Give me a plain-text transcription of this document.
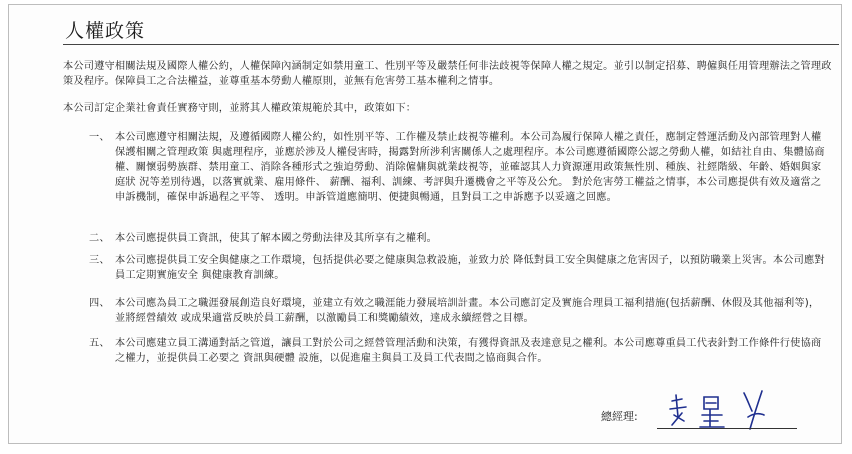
人權政策
本公司遵守相關法規及國際人權公約，人權保障內涵制定如禁用童工、性別平等及嚴禁任何非法歧視等保障人權之規定。並引以制定招募、聘僱與任用管理辦法之管理政策及程序。保障員工之合法權益，並尊重基本勞動人權原則，並無有危害勞工基本權利之情事。
本公司訂定企業社會責任實務守則，並將其人權政策規範於其中，政策如下：
一、 本公司應遵守相關法規，及遵循國際人權公約，如性別平等、工作權及禁止歧視等權利。本公司為履行保障人權之責任，應制定營運活動及內部管理對人權保護相關之管理政策 與處理程序，並應於涉及人權侵害時，揭露對所涉利害關係人之處理程序。本公司應遵循國際公認之勞動人權，如結社自由、集體協商權、關懷弱勢族群、禁用童工、消除各種形式之強迫勞動、消除僱傭與就業歧視等，並確認其人力資源運用政策無性別、種族、社經階級、年齡、婚姻與家庭狀 況等差別待遇，以落實就業、雇用條件、 薪酬、福利、訓練、考評與升遷機會之平等及公允。 對於危害勞工權益之情事，本公司應提供有效及適當之申訴機制，確保申訴過程之平等、 透明。申訴管道應簡明、便捷與暢通，且對員工之申訴應予以妥適之回應。
二、 本公司應提供員工資訊，使其了解本國之勞動法律及其所享有之權利。
三、 本公司應提供員工安全與健康之工作環境，包括提供必要之健康與急救設施，並致力於 降低對員工安全與健康之危害因子，以預防職業上災害。本公司應對員工定期實施安全 與健康教育訓練。
四、 本公司應為員工之職涯發展創造良好環境，並建立有效之職涯能力發展培訓計畫。本公司應訂定及實施合理員工福利措施(包括薪酬、休假及其他福利等)，並將經營績效 或成果適當反映於員工薪酬，以激勵員工和獎勵績效，達成永續經營之目標。
五、 本公司應建立員工溝通對話之管道，讓員工對於公司之經營管理活動和決策，有獲得資訊及表達意見之權利。本公司應尊重員工代表針對工作條件行使協商之權力，並提供員工必要之 資訊與硬體 設施，以促進雇主與員工及員工代表間之協商與合作。
總經理:
